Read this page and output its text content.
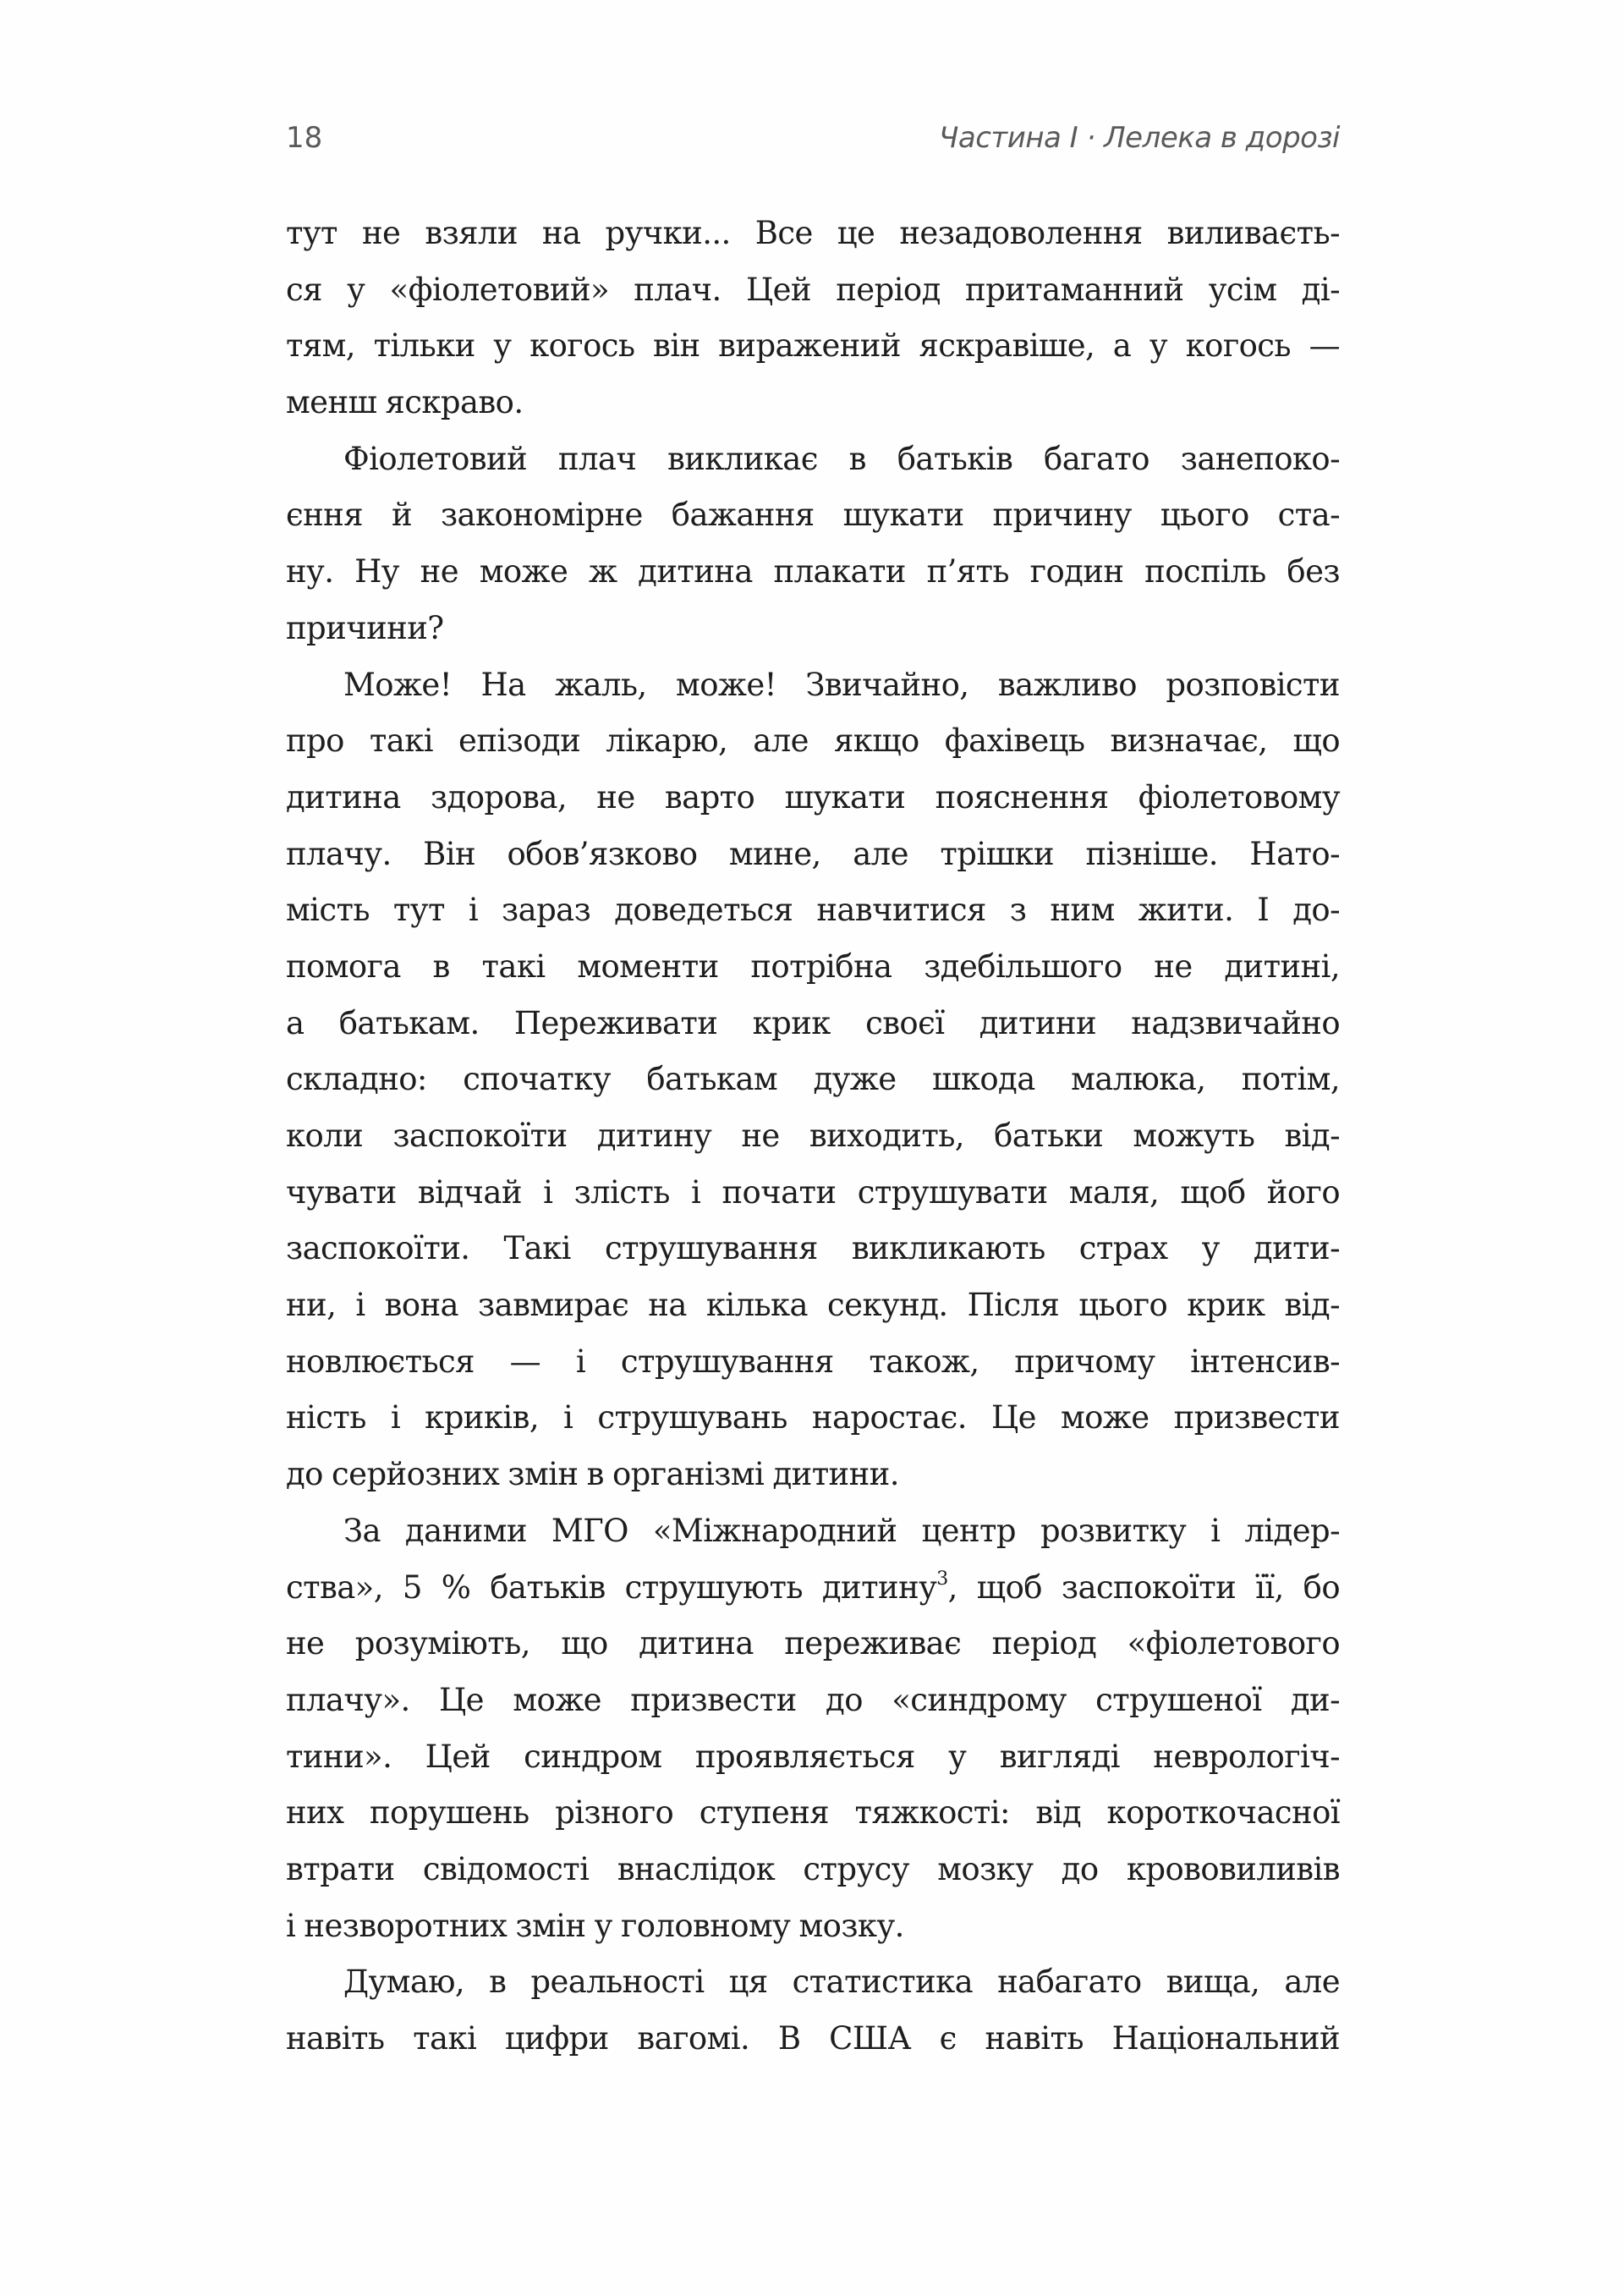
18	Частина I · Лелека в дорозі
тут не взяли на ручки... Все це незадоволення виливаєть-
ся у «фіолетовий» плач. Цей період притаманний усім ді-
тям, тільки у когось він виражений яскравіше, а у когось —
менш яскраво.
Фіолетовий плач викликає в батьків багато занепоко-
єння й закономірне бажання шукати причину цього ста-
ну. Ну не може ж дитина плакати п’ять годин поспіль без
причини?
Може! На жаль, може! Звичайно, важливо розповісти
про такі епізоди лікарю, але якщо фахівець визначає, що
дитина здорова, не варто шукати пояснення фіолетовому
плачу. Він обов’язково мине, але трішки пізніше. Нато-
мість тут і зараз доведеться навчитися з ним жити. І до-
помога в такі моменти потрібна здебільшого не дитині,
а батькам. Переживати крик своєї дитини надзвичайно
складно: спочатку батькам дуже шкода малюка, потім,
коли заспокоїти дитину не виходить, батьки можуть від-
чувати відчай і злість і почати струшувати маля, щоб його
заспокоїти. Такі струшування викликають страх у дити-
ни, і вона завмирає на кілька секунд. Після цього крик від-
новлюється — і струшування також, причому інтенсив-
ність і криків, і струшувань наростає. Це може призвести
до серйозних змін в організмі дитини.
За даними МГО «Міжнародний центр розвитку і лідер-
ства», 5 % батьків струшують дитину$^3$, щоб заспокоїти її, бо
не розуміють, що дитина переживає період «фіолетового
плачу». Це може призвести до «синдрому струшеної ди-
тини». Цей синдром проявляється у вигляді неврологіч-
них порушень різного ступеня тяжкості: від короткочасної
втрати свідомості внаслідок струсу мозку до крововиливів
і незворотних змін у головному мозку.
Думаю, в реальності ця статистика набагато вища, але
навіть такі цифри вагомі. В США є навіть Національний
